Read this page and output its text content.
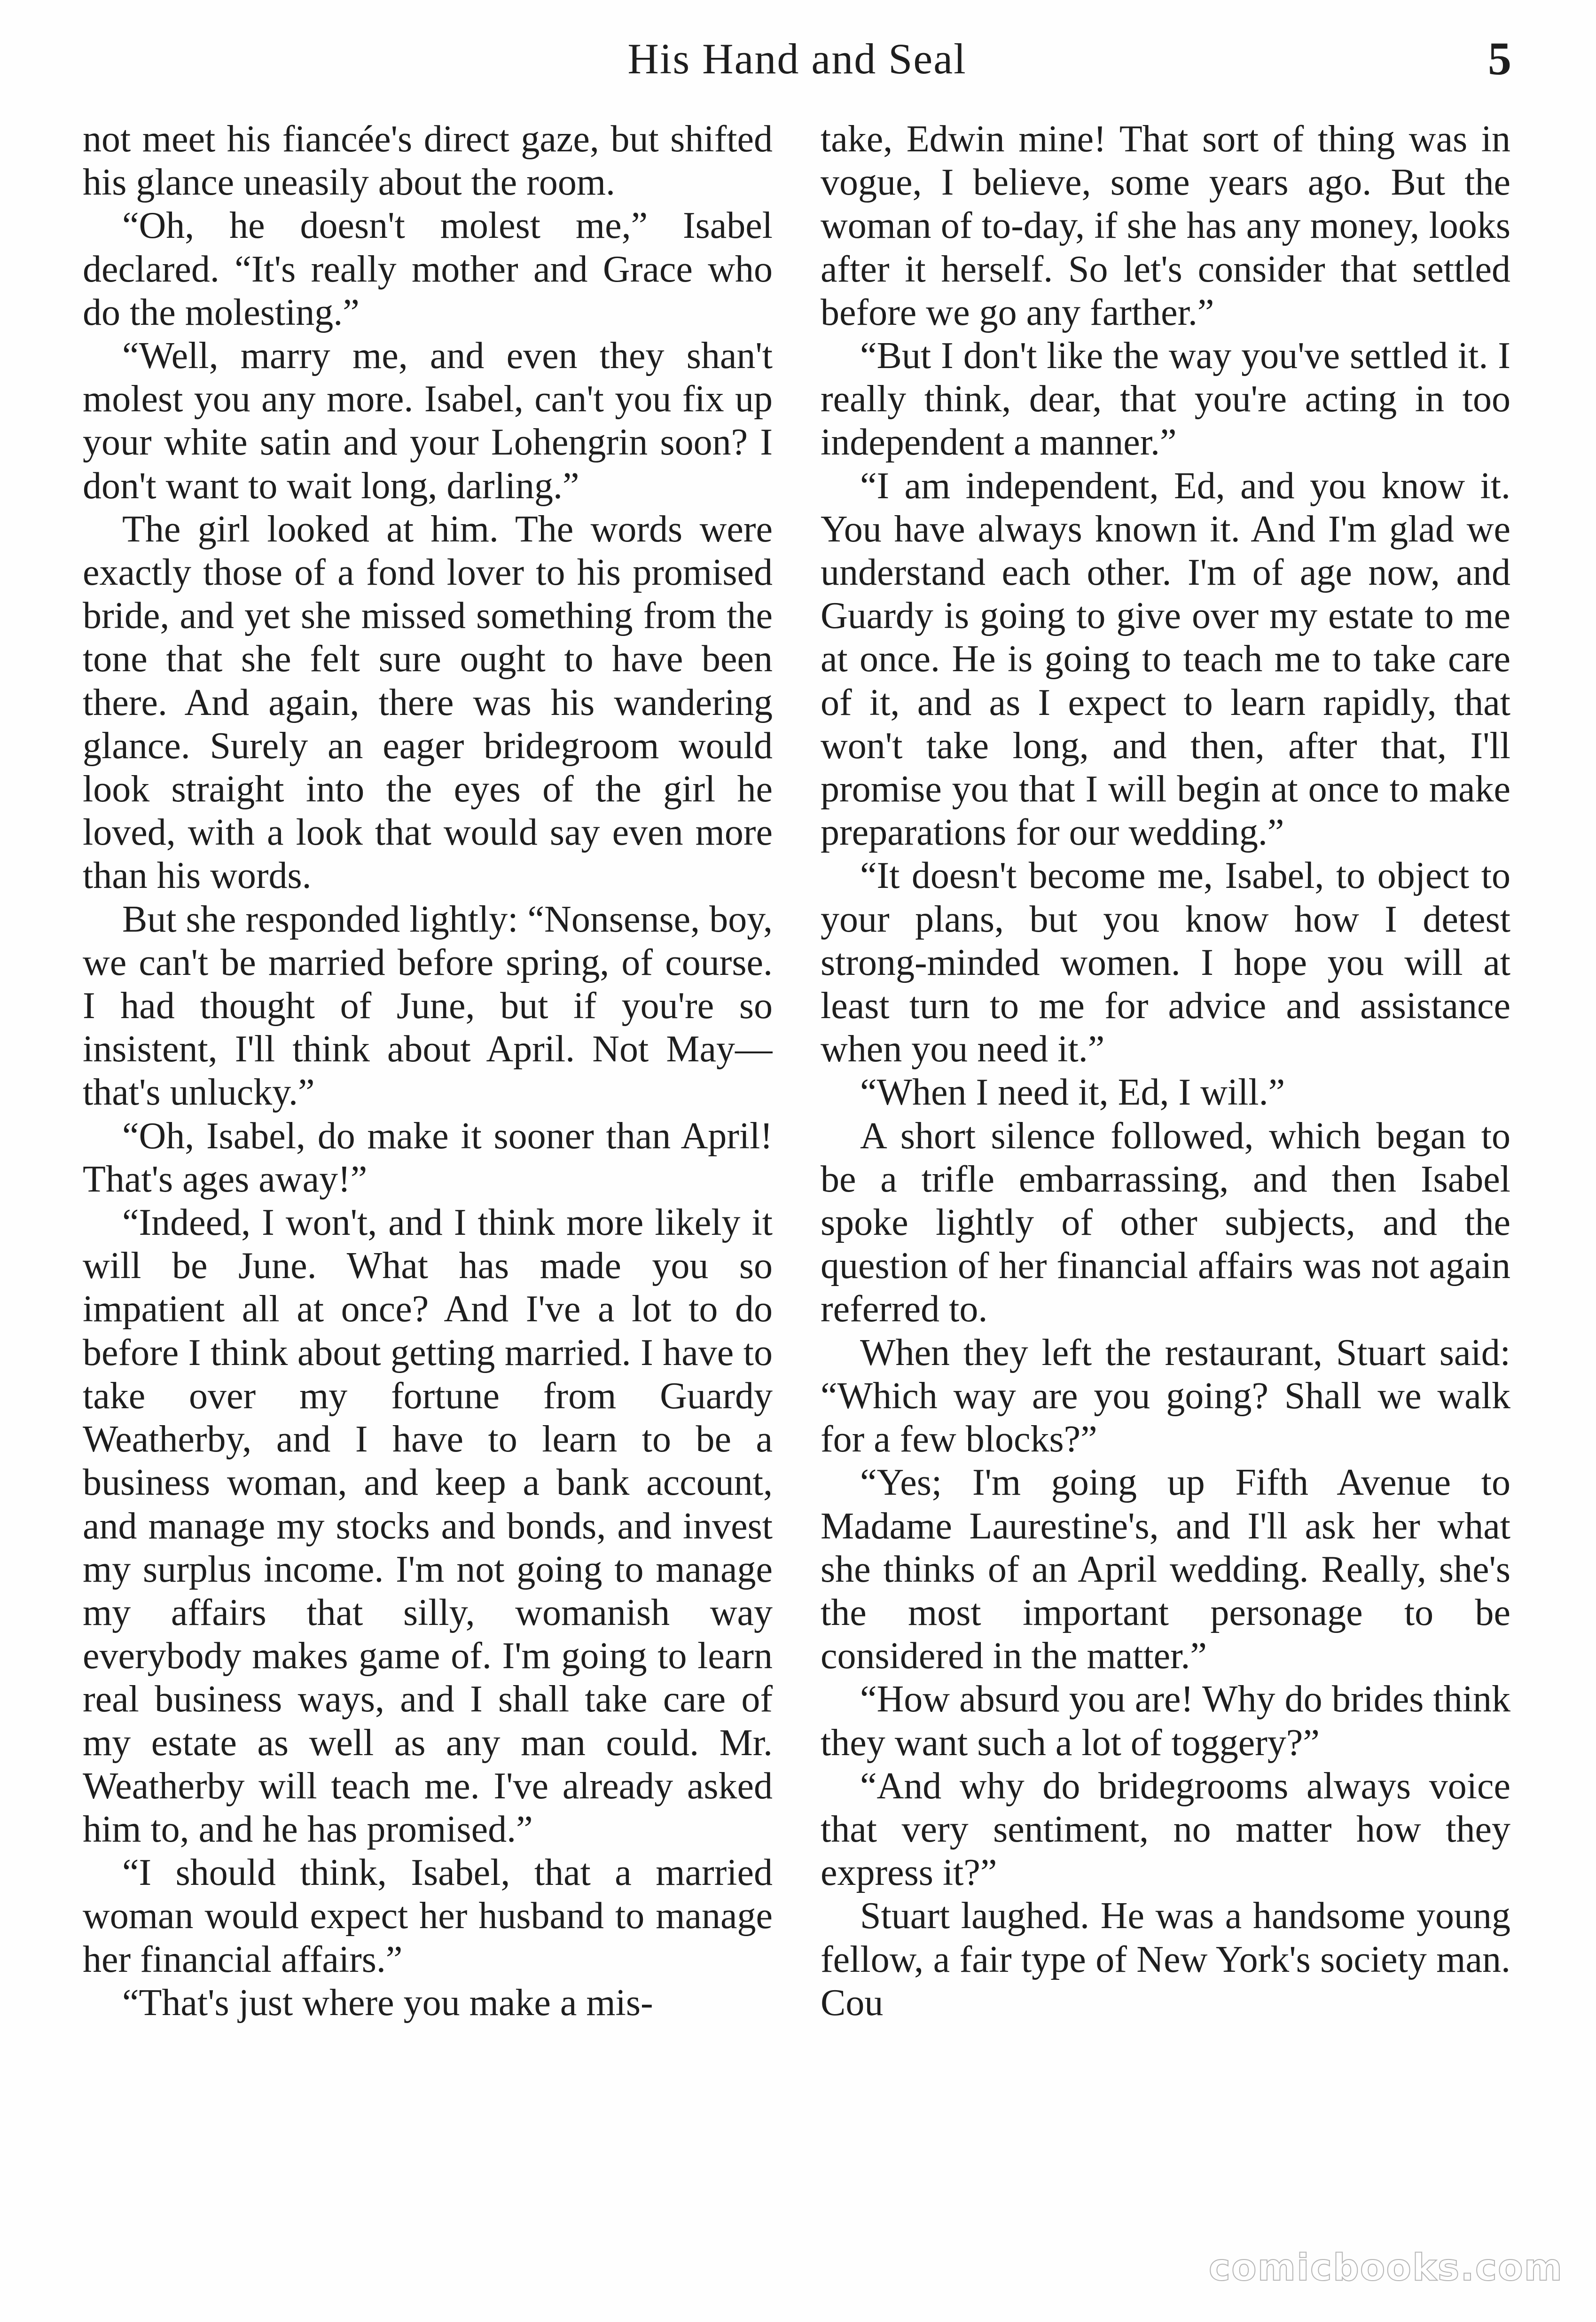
His Hand and Seal	5

not meet his fiancée's direct gaze, but shifted his glance uneasily about the room.

“Oh, he doesn't molest me,” Isabel declared. “It's really mother and Grace who do the molesting.”

“Well, marry me, and even they shan't molest you any more. Isabel, can't you fix up your white satin and your Lohengrin soon? I don't want to wait long, darling.”

The girl looked at him. The words were exactly those of a fond lover to his promised bride, and yet she missed something from the tone that she felt sure ought to have been there. And again, there was his wandering glance. Surely an eager bridegroom would look straight into the eyes of the girl he loved, with a look that would say even more than his words.

But she responded lightly: “Nonsense, boy, we can't be married before spring, of course. I had thought of June, but if you're so insistent, I'll think about April. Not May—that's unlucky.”

“Oh, Isabel, do make it sooner than April! That's ages away!”

“Indeed, I won't, and I think more likely it will be June. What has made you so impatient all at once? And I've a lot to do before I think about getting married. I have to take over my fortune from Guardy Weatherby, and I have to learn to be a business woman, and keep a bank account, and manage my stocks and bonds, and invest my surplus income. I'm not going to manage my affairs that silly, womanish way everybody makes game of. I'm going to learn real business ways, and I shall take care of my estate as well as any man could. Mr. Weatherby will teach me. I've already asked him to, and he has promised.”

“I should think, Isabel, that a married woman would expect her husband to manage her financial affairs.”

“That's just where you make a mis-

take, Edwin mine! That sort of thing was in vogue, I believe, some years ago. But the woman of to-day, if she has any money, looks after it herself. So let's consider that settled before we go any farther.”

“But I don't like the way you've settled it. I really think, dear, that you're acting in too independent a manner.”

“I am independent, Ed, and you know it. You have always known it. And I'm glad we understand each other. I'm of age now, and Guardy is going to give over my estate to me at once. He is going to teach me to take care of it, and as I expect to learn rapidly, that won't take long, and then, after that, I'll promise you that I will begin at once to make preparations for our wedding.”

“It doesn't become me, Isabel, to object to your plans, but you know how I detest strong-minded women. I hope you will at least turn to me for advice and assistance when you need it.”

“When I need it, Ed, I will.”

A short silence followed, which began to be a trifle embarrassing, and then Isabel spoke lightly of other subjects, and the question of her financial affairs was not again referred to.

When they left the restaurant, Stuart said: “Which way are you going? Shall we walk for a few blocks?”

“Yes; I'm going up Fifth Avenue to Madame Laurestine's, and I'll ask her what she thinks of an April wedding. Really, she's the most important personage to be considered in the matter.”

“How absurd you are! Why do brides think they want such a lot of toggery?”

“And why do bridegrooms always voice that very sentiment, no matter how they express it?”

Stuart laughed. He was a handsome young fellow, a fair type of New York's society man. Cou

comicbooks.com
